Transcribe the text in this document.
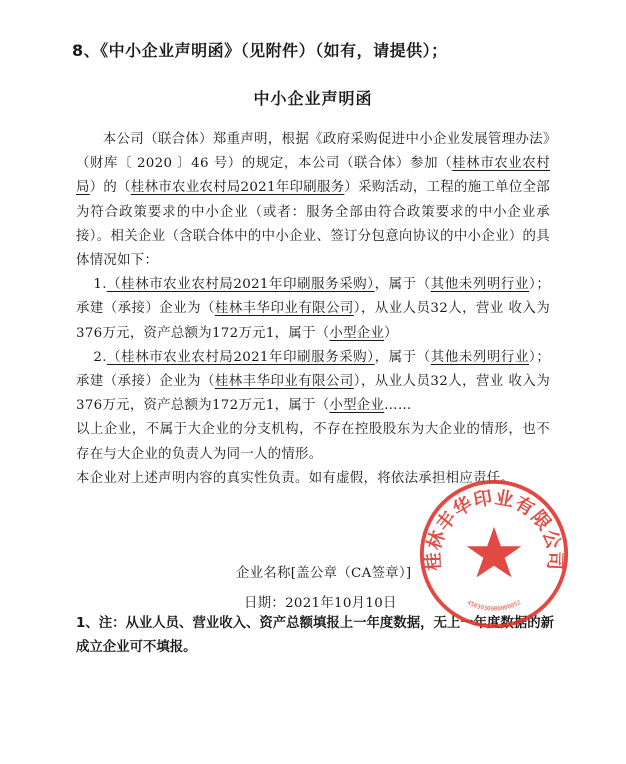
8、《中小企业声明函》（见附件）（如有，请提供）；
中小企业声明函

本公司（联合体）郑重声明，根据《政府采购促进中小企业发展管理办法》（财库〔 2020 〕46 号）的规定，本公司（联合体）参加（桂林市农业农村局）的（桂林市农业农村局2021年印刷服务）采购活动，工程的施工单位全部为符合政策要求的中小企业（或者：服务全部由符合政策要求的中小企业承接）。相关企业（含联合体中的中小企业、签订分包意向协议的中小企业）的具体情况如下：

1.（桂林市农业农村局2021年印刷服务采购），属于（其他未列明行业）；承建（承接）企业为（桂林丰华印业有限公司），从业人员32人，营业 收入为376万元，资产总额为172万元1，属于（小型企业）

2.（桂林市农业农村局2021年印刷服务采购），属于（其他未列明行业）；承建（承接）企业为（桂林丰华印业有限公司），从业人员32人，营业 收入为376万元，资产总额为172万元1，属于（小型企业……

以上企业，不属于大企业的分支机构，不存在控股股东为大企业的情形，也不存在与大企业的负责人为同一人的情形。

本企业对上述声明内容的真实性负责。如有虚假，将依法承担相应责任。

企业名称[盖公章（CA签章）]
日期：2021年10月10日

1、注：从业人员、营业收入、资产总额填报上一年度数据，无上一年度数据的新成立企业可不填报。

桂林丰华印业有限公司
4503030000000052
